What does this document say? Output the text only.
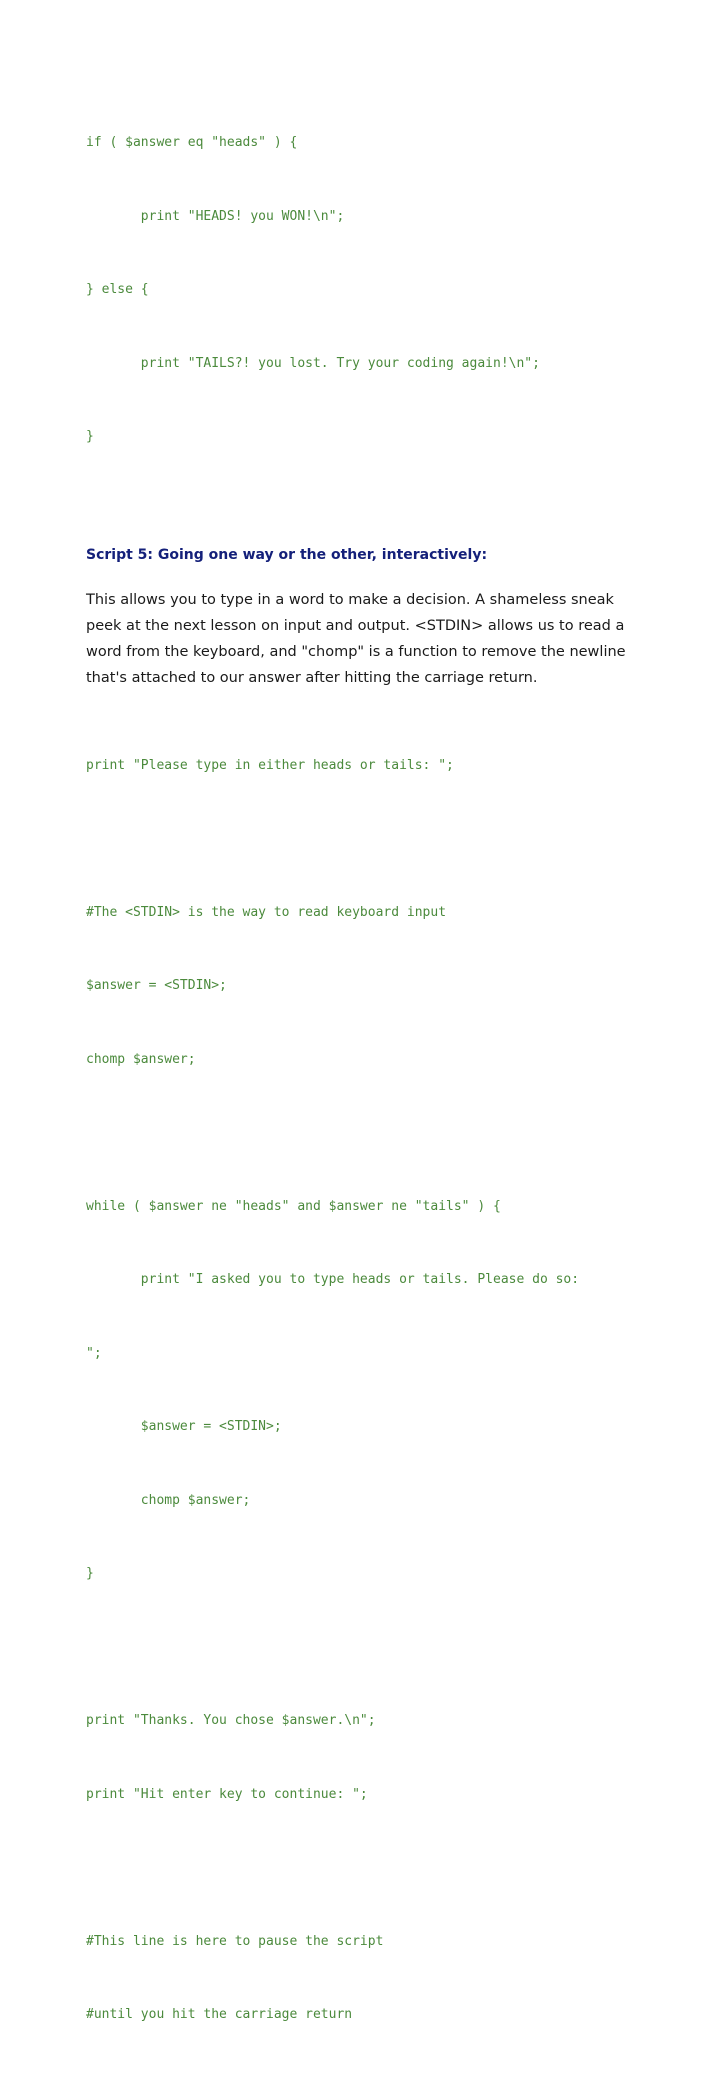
if ( $answer eq "heads" ) {

print "HEADS! you WON!\n";

} else {

print "TAILS?! you lost. Try your coding again!\n";

}

Script 5: Going one way or the other, interactively:

This allows you to type in a word to make a decision. A shameless sneak peek at the next lesson on input and output. <STDIN> allows us to read a word from the keyboard, and "chomp" is a function to remove the newline that's attached to our answer after hitting the carriage return.

print "Please type in either heads or tails: ";

#The <STDIN> is the way to read keyboard input

$answer = <STDIN>;

chomp $answer;

while ( $answer ne "heads" and $answer ne "tails" ) {

print "I asked you to type heads or tails. Please do so:

";

$answer = <STDIN>;

chomp $answer;

}

print "Thanks. You chose $answer.\n";

print "Hit enter key to continue: ";

#This line is here to pause the script

#until you hit the carriage return
